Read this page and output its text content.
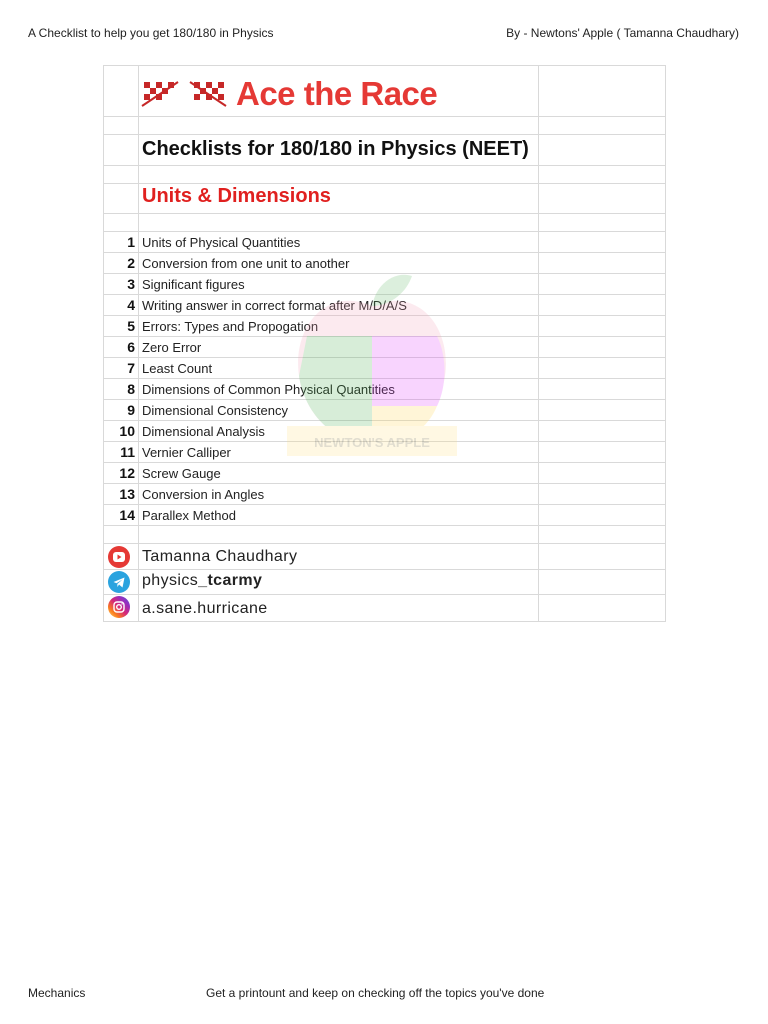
A Checklist to help you get 180/180 in Physics	By - Newtons' Apple ( Tamanna Chaudhary)
1 Units of Physical Quantities
2 Conversion from one unit to another
3 Significant figures
4 Writing answer in correct format after M/D/A/S
5 Errors: Types and Propogation
6 Zero Error
7 Least Count
8 Dimensions of Common Physical Quantities
9 Dimensional Consistency
10 Dimensional Analysis
11 Vernier Calliper
12 Screw Gauge
13 Conversion in Angles
14 Parallex Method
NEWTON'S APPLE
Ace the Race
Checklists for 180/180 in Physics (NEET)
Units & Dimensions
Tamanna Chaudhary
physics_tcarmy
a.sane.hurricane
Mechanics	Get a printount and keep on checking off the topics you've done
